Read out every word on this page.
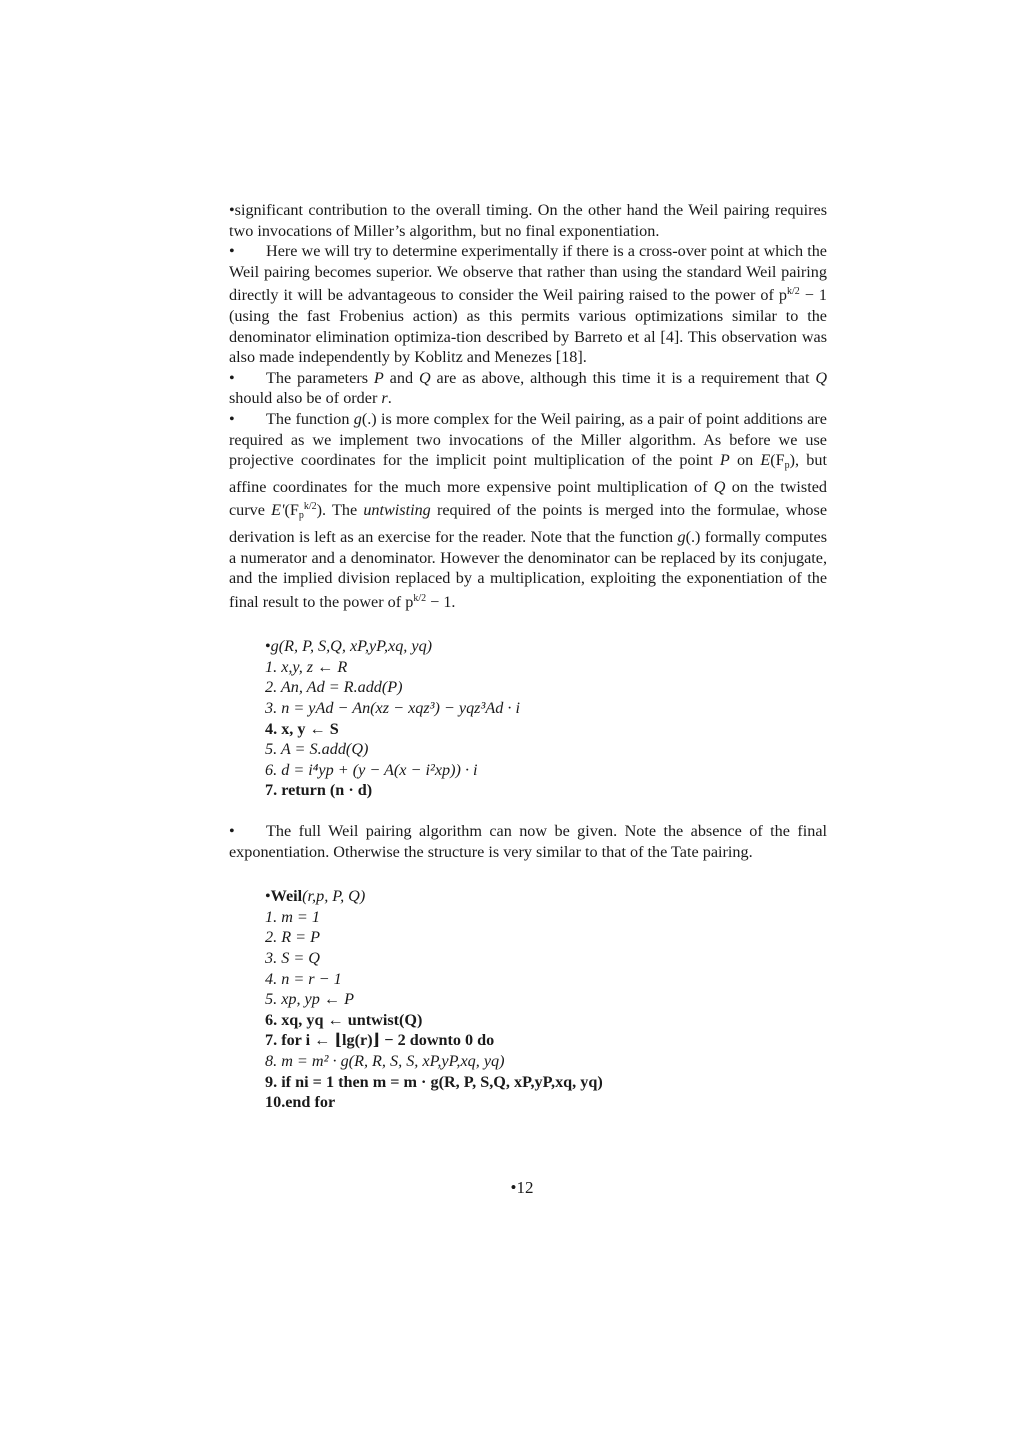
•significant contribution to the overall timing. On the other hand the Weil pairing requires two invocations of Miller’s algorithm, but no final exponentiation.

• Here we will try to determine experimentally if there is a cross-over point at which the Weil pairing becomes superior. We observe that rather than using the standard Weil pairing directly it will be advantageous to consider the Weil pairing raised to the power of $p^{k/2} - 1$ (using the fast Frobenius action) as this permits various optimizations similar to the denominator elimination optimiza-tion described by Barreto et al [4]. This observation was also made independently by Koblitz and Menezes [18].

• The parameters P and Q are as above, although this time it is a requirement that Q should also be of order r.

• The function g(.) is more complex for the Weil pairing, as a pair of point additions are required as we implement two invocations of the Miller algorithm. As before we use projective coordinates for the implicit point multiplication of the point P on $E(F_p)$, but affine coordinates for the much more expensive point multiplication of Q on the twisted curve $E'(F_p^{k/2})$. The untwisting required of the points is merged into the formulae, whose derivation is left as an exercise for the reader. Note that the function g(.) formally computes a numerator and a denominator. However the denominator can be replaced by its conjugate, and the implied division replaced by a multiplication, exploiting the exponentiation of the final result to the power of $p^{k/2} - 1$.

•g(R, P, S,Q, xP,yP,xq, yq)
1. x,y, z ← R
2. An, Ad = R.add(P)
3. n = yAd − An(xz − xqz³) − yqz³Ad · i
4. x, y ← S
5. A = S.add(Q)
6. d = i⁴yp + (y − A(x − i²xp)) · i
7. return (n · d)

• The full Weil pairing algorithm can now be given. Note the absence of the final exponentiation. Otherwise the structure is very similar to that of the Tate pairing.

•Weil(r,p, P, Q)
1. m = 1
2. R = P
3. S = Q
4. n = r − 1
5. xp, yp ← P
6. xq, yq ← untwist(Q)
7. for i ← ⌊lg(r)⌋ − 2 downto 0 do
8. m = m² · g(R, R, S, S, xP,yP,xq, yq)
9. if ni = 1 then m = m · g(R, P, S,Q, xP,yP,xq, yq)
10.end for
•12
